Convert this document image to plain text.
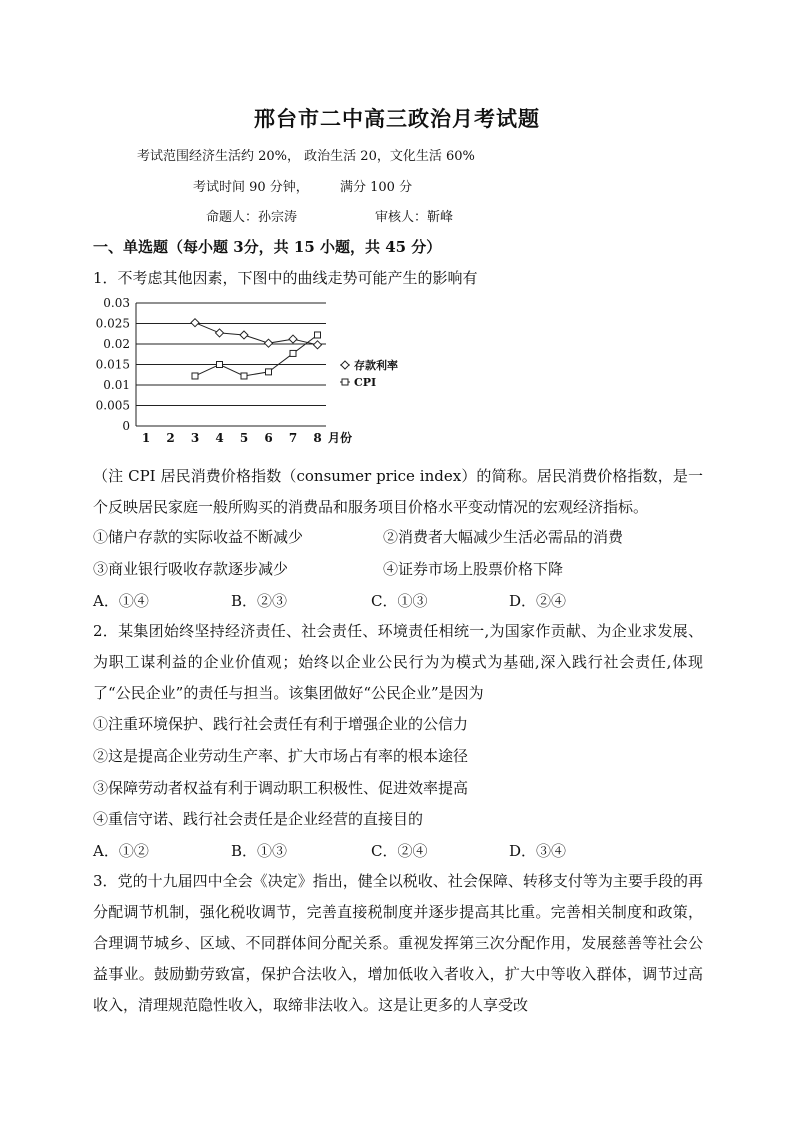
邢台市二中高三政治月考试题
考试范围经济生活约 20%， 政治生活 20，文化生活 60%
考试时间 90 分钟， 满分 100 分
命题人：孙宗涛	审核人：靳峰
一、单选题（每小题 3分，共 15 小题，共 45 分）
1．不考虑其他因素，下图中的曲线走势可能产生的影响有
0
0.005
0.01
0.015
0.02
0.025
0.03
1 2 3 4 5 6 7 8 月份
存款利率
CPI
（注 CPI 居民消费价格指数（consumer price index）的简称。居民消费价格指数，是一个反映居民家庭一般所购买的消费品和服务项目价格水平变动情况的宏观经济指标。
①储户存款的实际收益不断减少	②消费者大幅减少生活必需品的消费
③商业银行吸收存款逐步减少	④证券市场上股票价格下降
A．①④	B．②③	C．①③	D．②④
2．某集团始终坚持经济责任、社会责任、环境责任相统一,为国家作贡献、为企业求发展、为职工谋利益的企业价值观；始终以企业公民行为为模式为基础,深入践行社会责任,体现了“公民企业”的责任与担当。该集团做好“公民企业”是因为
①注重环境保护、践行社会责任有利于增强企业的公信力
②这是提高企业劳动生产率、扩大市场占有率的根本途径
③保障劳动者权益有利于调动职工积极性、促进效率提高
④重信守诺、践行社会责任是企业经营的直接目的
A．①②	B．①③	C．②④	D．③④
3．党的十九届四中全会《决定》指出，健全以税收、社会保障、转移支付等为主要手段的再分配调节机制，强化税收调节，完善直接税制度并逐步提高其比重。完善相关制度和政策，合理调节城乡、区域、不同群体间分配关系。重视发挥第三次分配作用，发展慈善等社会公益事业。鼓励勤劳致富，保护合法收入，增加低收入者收入，扩大中等收入群体，调节过高收入，清理规范隐性收入，取缔非法收入。这是让更多的人享受改
